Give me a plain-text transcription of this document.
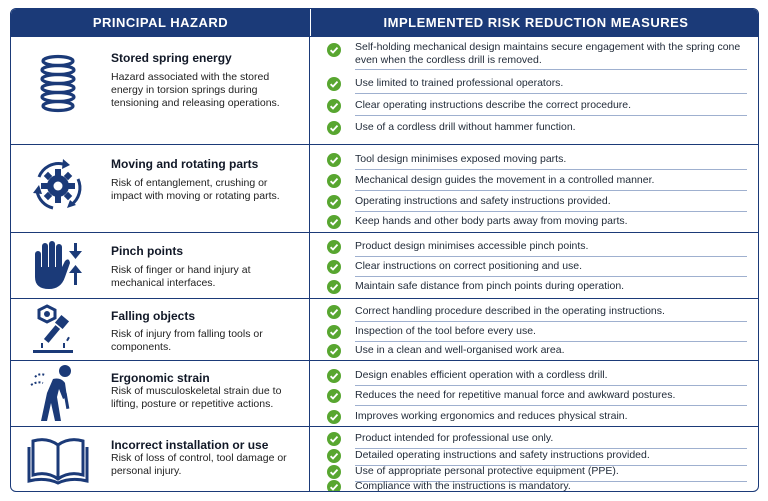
PRINCIPAL HAZARD	IMPLEMENTED RISK REDUCTION MEASURES
Stored spring energy
Hazard associated with the stored energy in torsion springs during tensioning and releasing operations.
Self-holding mechanical design maintains secure engagement with the spring cone even when the cordless drill is removed.
Use limited to trained professional operators.
Clear operating instructions describe the correct procedure.
Use of a cordless drill without hammer function.
Moving and rotating parts
Risk of entanglement, crushing or impact with moving or rotating parts.
Tool design minimises exposed moving parts.
Mechanical design guides the movement in a controlled manner.
Operating instructions and safety instructions provided.
Keep hands and other body parts away from moving parts.
Pinch points
Risk of finger or hand injury at mechanical interfaces.
Product design minimises accessible pinch points.
Clear instructions on correct positioning and use.
Maintain safe distance from pinch points during operation.
Falling objects
Risk of injury from falling tools or components.
Correct handling procedure described in the operating instructions.
Inspection of the tool before every use.
Use in a clean and well-organised work area.
Ergonomic strain
Risk of musculoskeletal strain due to lifting, posture or repetitive actions.
Design enables efficient operation with a cordless drill.
Reduces the need for repetitive manual force and awkward postures.
Improves working ergonomics and reduces physical strain.
Incorrect installation or use
Risk of loss of control, tool damage or personal injury.
Product intended for professional use only.
Detailed operating instructions and safety instructions provided.
Use of appropriate personal protective equipment (PPE).
Compliance with the instructions is mandatory.
